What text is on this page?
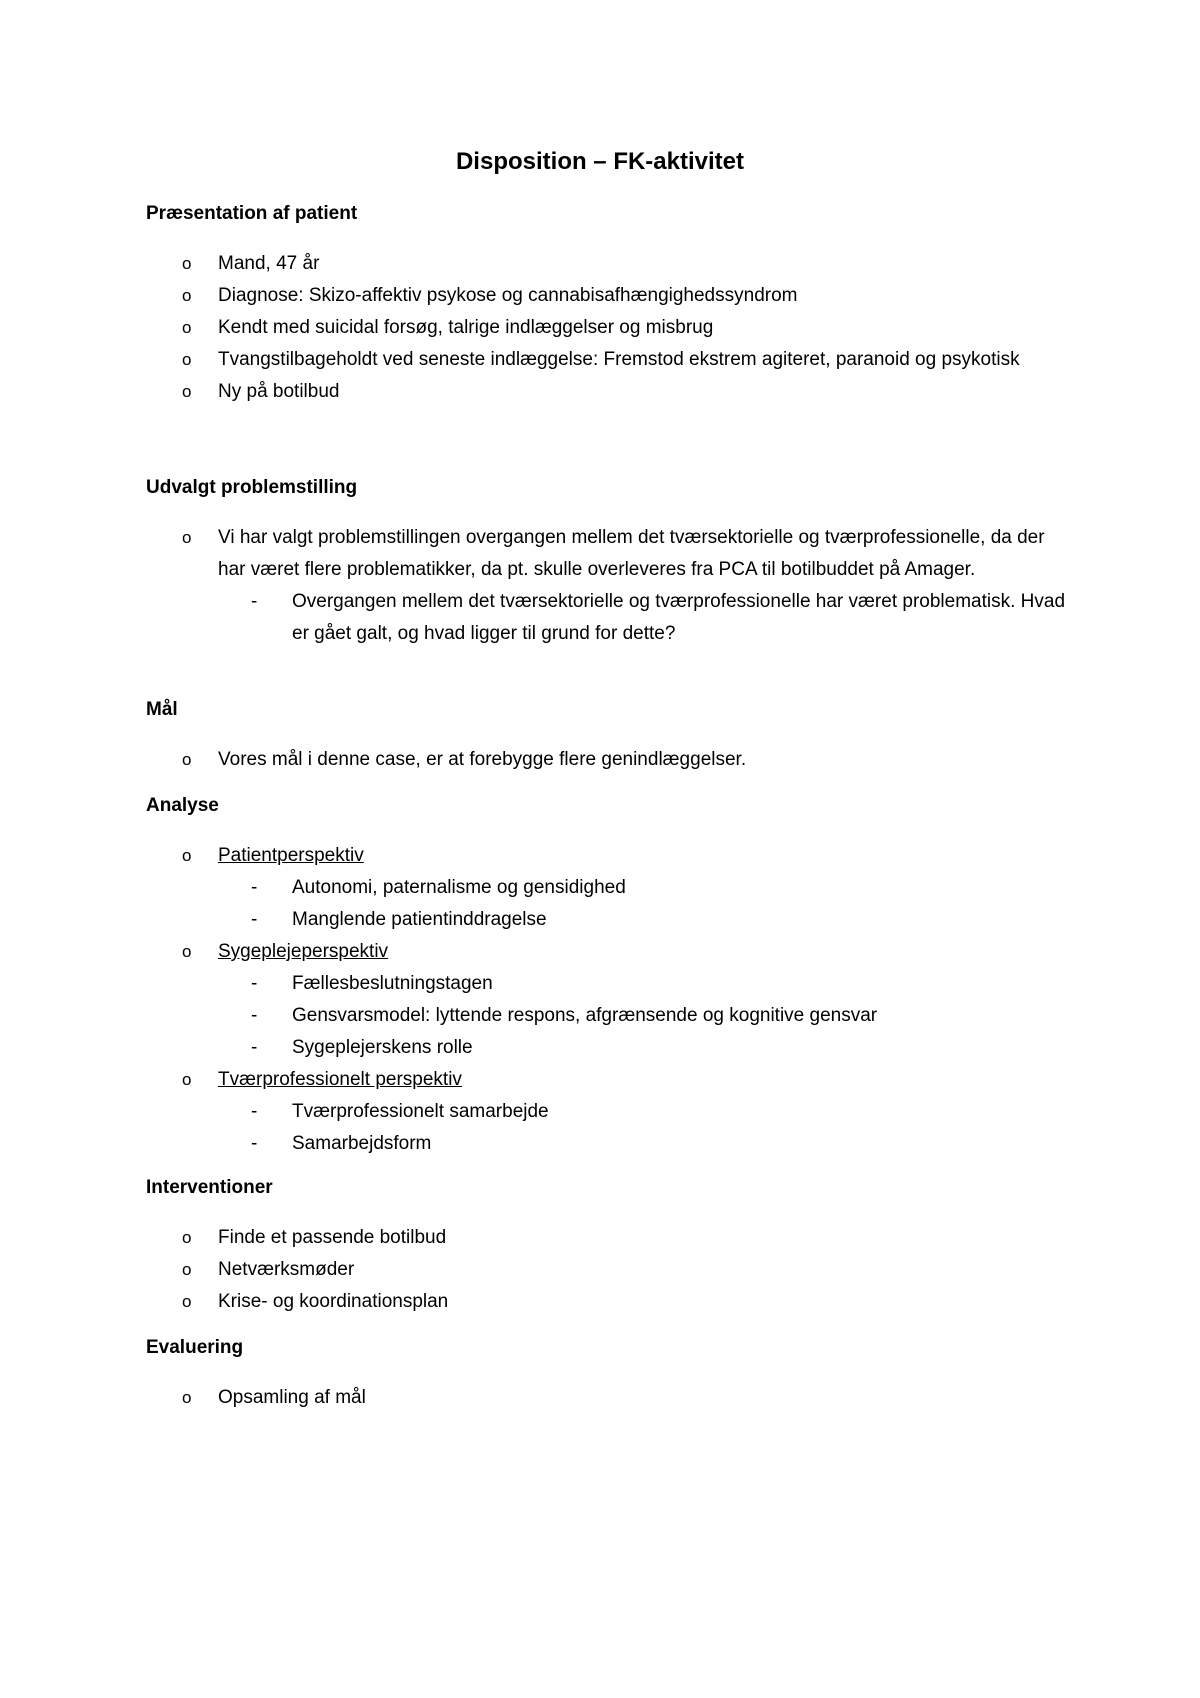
Disposition – FK-aktivitet

Præsentation af patient

o Mand, 47 år

o Diagnose: Skizo-affektiv psykose og cannabisafhængighedssyndrom

o Kendt med suicidal forsøg, talrige indlæggelser og misbrug

o Tvangstilbageholdt ved seneste indlæggelse: Fremstod ekstrem agiteret, paranoid og psykotisk

o Ny på botilbud

Udvalgt problemstilling

o Vi har valgt problemstillingen overgangen mellem det tværsektorielle og tværprofessionelle, da der har været flere problematikker, da pt. skulle overleveres fra PCA til botilbuddet på Amager.

- Overgangen mellem det tværsektorielle og tværprofessionelle har været problematisk. Hvad er gået galt, og hvad ligger til grund for dette?

Mål

o Vores mål i denne case, er at forebygge flere genindlæggelser.

Analyse

o Patientperspektiv

- Autonomi, paternalisme og gensidighed

- Manglende patientinddragelse

o Sygeplejeperspektiv

- Fællesbeslutningstagen

- Gensvarsmodel: lyttende respons, afgrænsende og kognitive gensvar

- Sygeplejerskens rolle

o Tværprofessionelt perspektiv

- Tværprofessionelt samarbejde

- Samarbejdsform

Interventioner

o Finde et passende botilbud

o Netværksmøder

o Krise- og koordinationsplan

Evaluering

o Opsamling af mål
